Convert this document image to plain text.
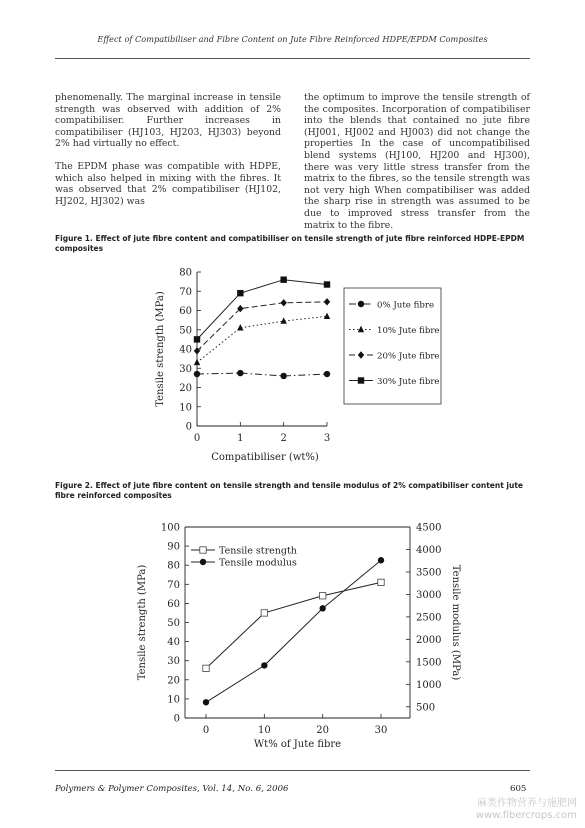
Effect of Compatibiliser and Fibre Content on Jute Fibre Reinforced HDPE/EPDM Composites

phenomenally. The marginal increase in tensile strength was observed with addition of 2% compatibiliser. Further increases in compatibiliser (HJ103, HJ203, HJ303) beyond 2% had virtually no effect.

The EPDM phase was compatible with HDPE, which also helped in mixing with the fibres. It was observed that 2% compatibiliser (HJ102, HJ202, HJ302) was

the optimum to improve the tensile strength of the composites. Incorporation of compatibiliser into the blends that contained no jute fibre (HJ001, HJ002 and HJ003) did not change the properties In the case of uncompatibilised blend systems (HJ100, HJ200 and HJ300), there was very little stress transfer from the matrix to the fibres, so the tensile strength was not very high When compatibiliser was added the sharp rise in strength was assumed to be due to improved stress transfer from the matrix to the fibre.

Figure 1. Effect of jute fibre content and compatibiliser on tensile strength of jute fibre reinforced HDPE-EPDM composites
0
10
20
30
40
50
60
70
80
0	1	2	3
Compatibiliser (wt%)
Tensile strength (MPa)	0% Jute fibre
10% Jute fibre
20% Jute fibre
30% Jute fibre
Figure 2. Effect of jute fibre content on tensile strength and tensile modulus of 2% compatibiliser content jute fibre reinforced composites
0
10
20
30
40
50
60
70
80
90
100
500
1000
1500
2000
2500
3000
3500
4000
4500
0	10	20	30
Wt% of Jute fibre
Tensile strength (MPa)	Tensile modulus (MPa)
Tensile strength
Tensile modulus
Polymers & Polymer Composites, Vol. 14, No. 6, 2006	605
麻类作物营养与施肥网
www.fibercrops.com
